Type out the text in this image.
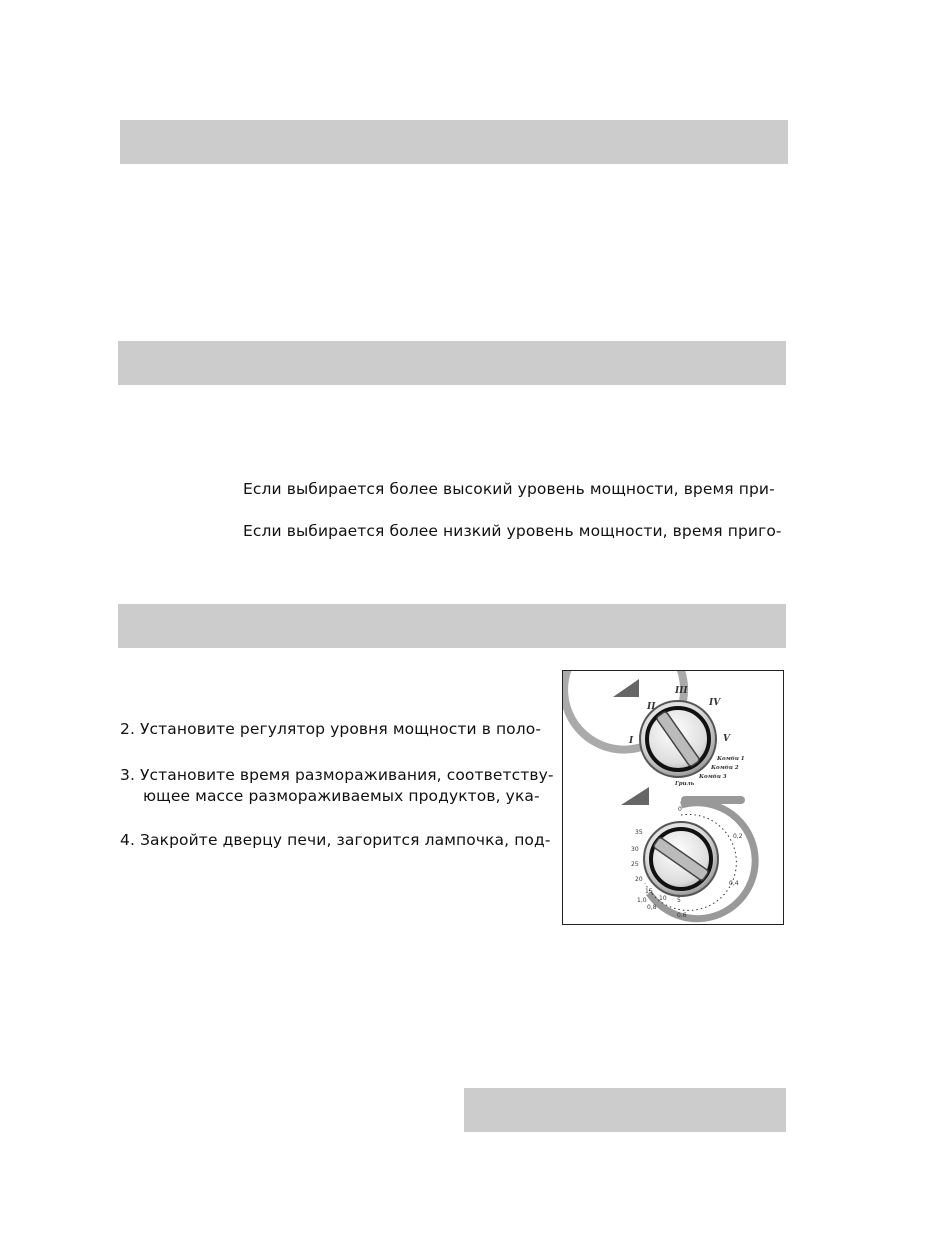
Если выбирается более высокий уровень мощности, время при-
Если выбирается более низкий уровень мощности, время приго-
2. Установите регулятор уровня мощности в поло-
3. Установите время размораживания, соответству-
ющее массе размораживаемых продуктов, ука-
4. Закройте дверцу печи, загорится лампочка, под-
I
II
III
IV
V
Комби 1
Комби 2
Комби 3
Гриль
0,2
0,4
0,6
0,8
1,0
35
30
25
20
15
10 5
0
